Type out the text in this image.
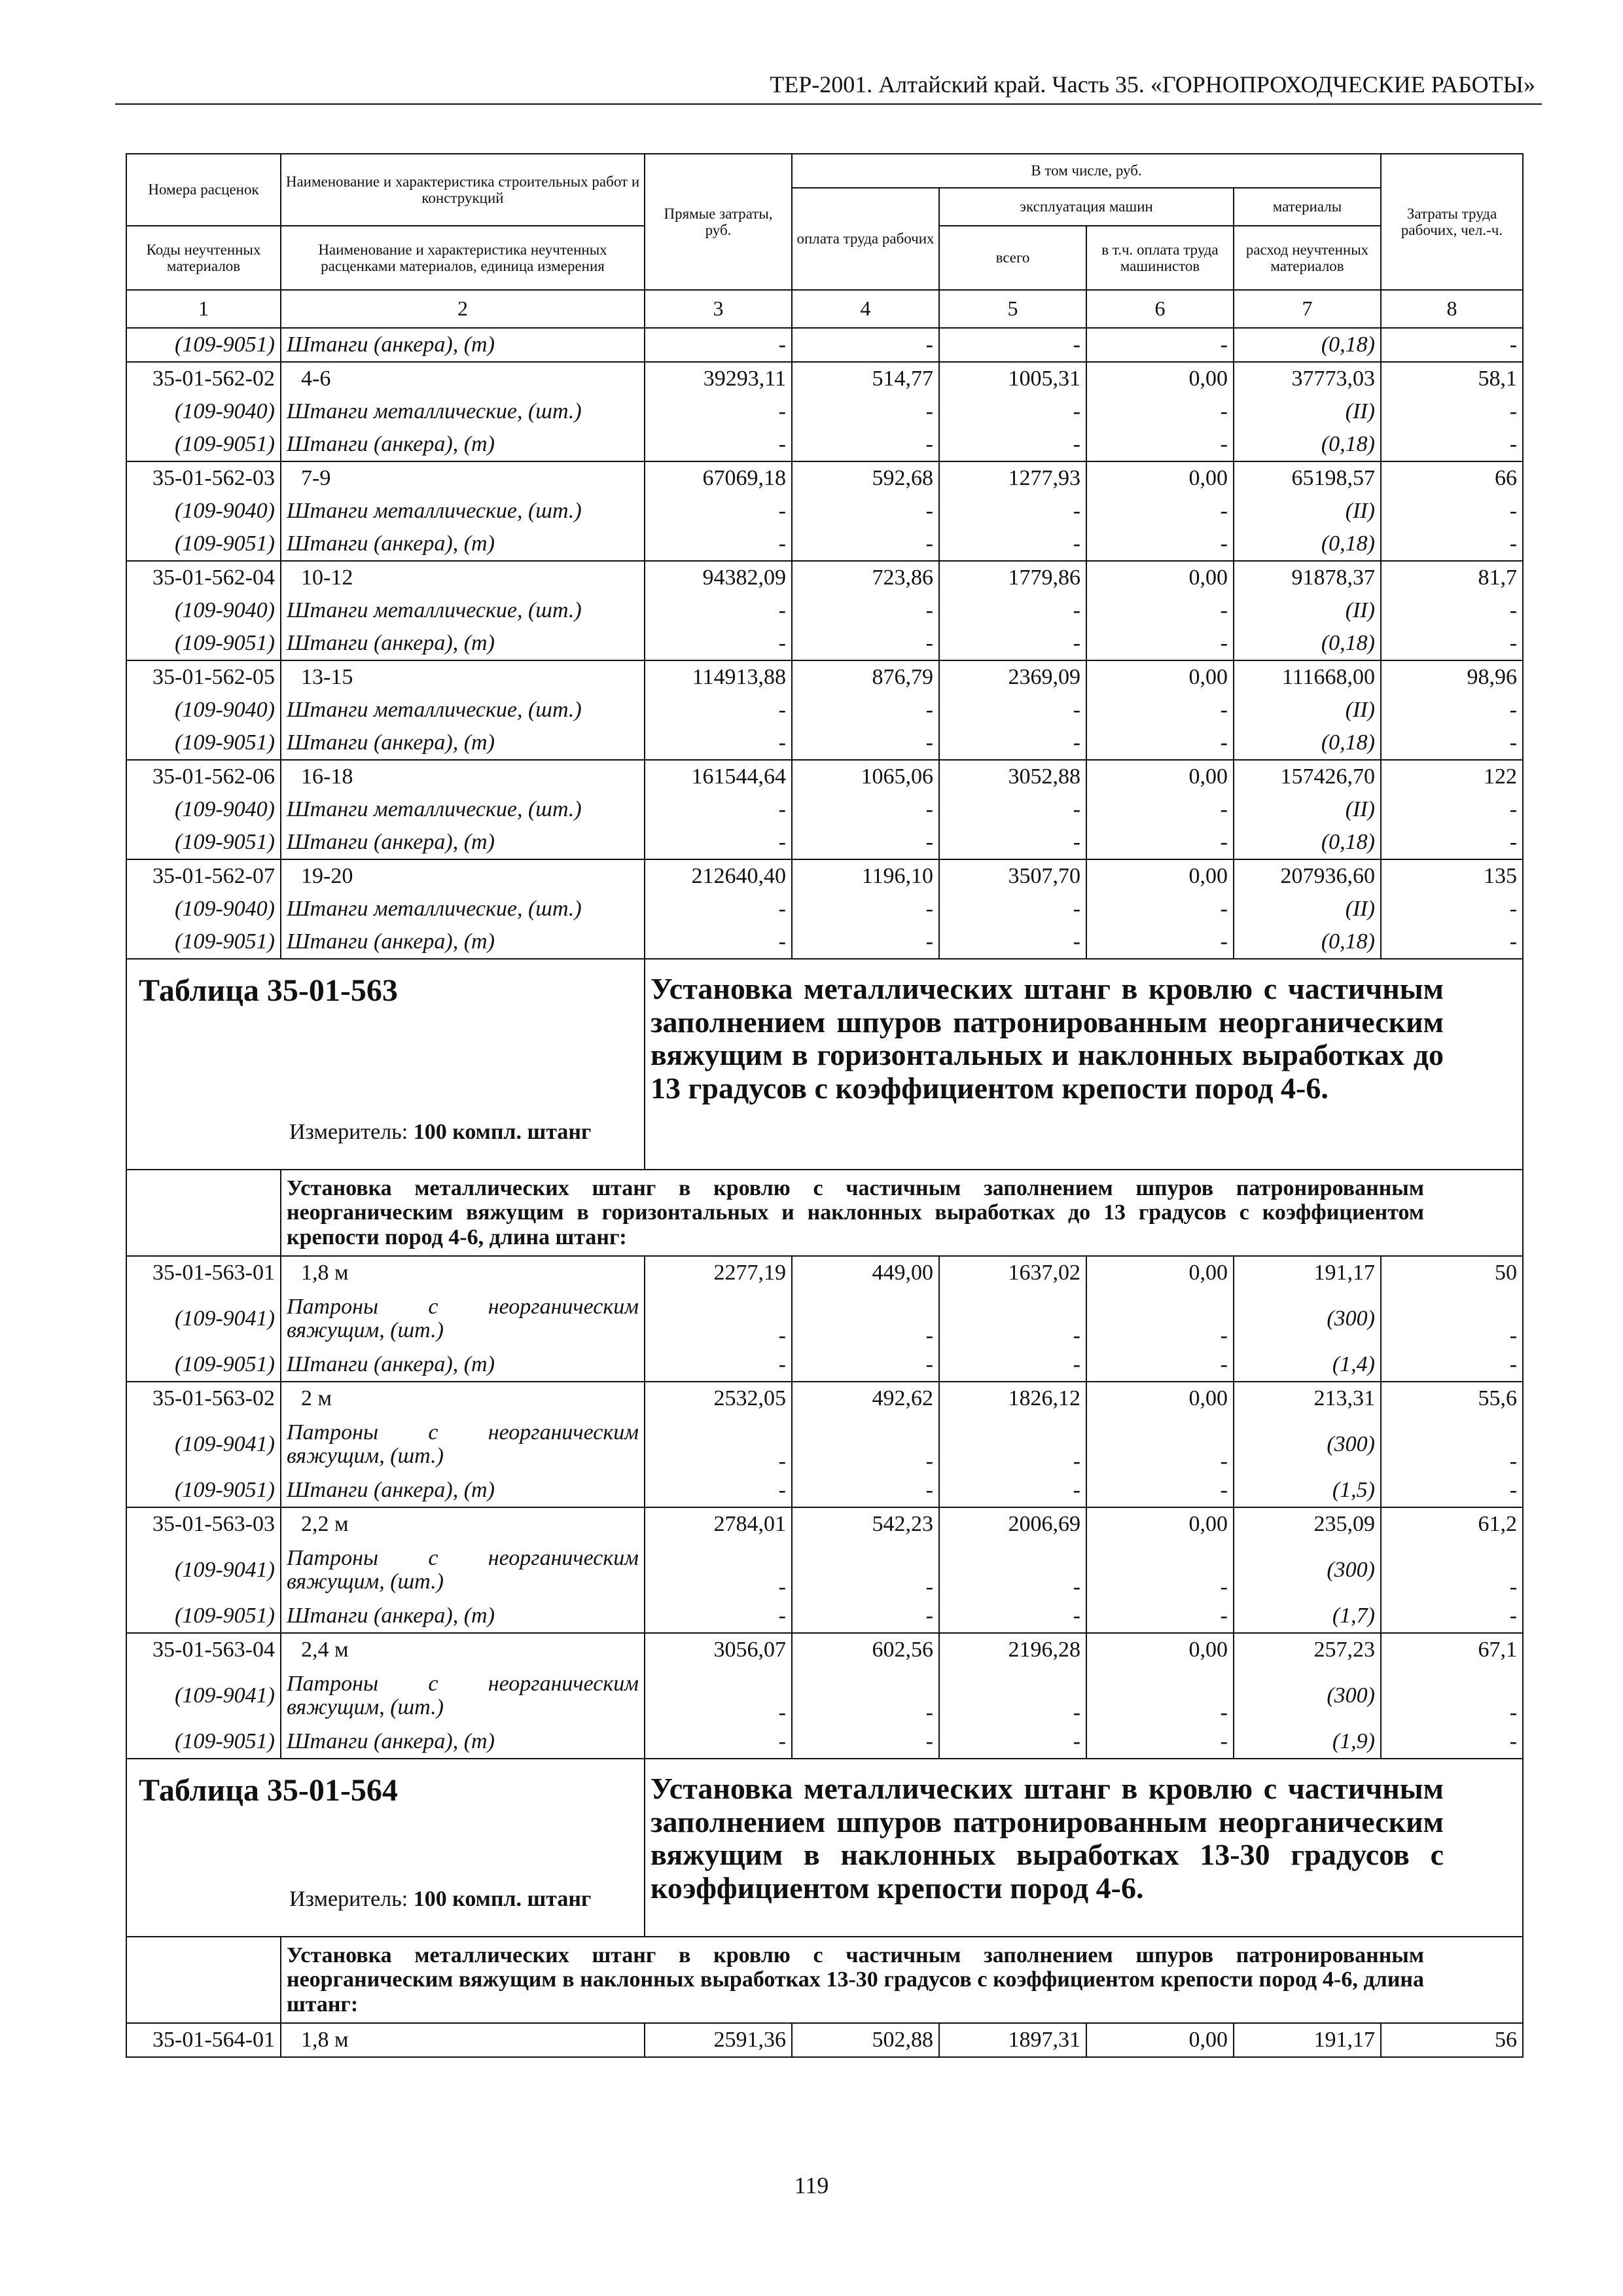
ТЕР-2001. Алтайский край. Часть 35. «ГОРНОПРОХОДЧЕСКИЕ РАБОТЫ»
Номера расценок	Наименование и характеристика строительных работ и конструкций	Прямые затраты, руб.	В том числе, руб.				Затраты труда рабочих, чел.-ч.
			оплата труда рабочих	эксплуатация машин		материалы	

Коды неучтенных материалов	Наименование и характеристика неучтенных расценками материалов, единица измерения			всего	в т.ч. оплата труда машинистов	расход неучтенных материалов	
1	2	3	4	5	6	7	8
(109-9051)	Штанги (анкера), (т)	-	-	-	-	(0,18)	-
35-01-562-02	4-6	39293,11	514,77	1005,31	0,00	37773,03	58,1
(109-9040)	Штанги металлические, (шт.)	-	-	-	-	(II)	-
(109-9051)	Штанги (анкера), (т)	-	-	-	-	(0,18)	-
35-01-562-03	7-9	67069,18	592,68	1277,93	0,00	65198,57	66
(109-9040)	Штанги металлические, (шт.)	-	-	-	-	(II)	-
(109-9051)	Штанги (анкера), (т)	-	-	-	-	(0,18)	-
35-01-562-04	10-12	94382,09	723,86	1779,86	0,00	91878,37	81,7
(109-9040)	Штанги металлические, (шт.)	-	-	-	-	(II)	-
(109-9051)	Штанги (анкера), (т)	-	-	-	-	(0,18)	-
35-01-562-05	13-15	114913,88	876,79	2369,09	0,00	111668,00	98,96
(109-9040)	Штанги металлические, (шт.)	-	-	-	-	(II)	-
(109-9051)	Штанги (анкера), (т)	-	-	-	-	(0,18)	-
35-01-562-06	16-18	161544,64	1065,06	3052,88	0,00	157426,70	122
(109-9040)	Штанги металлические, (шт.)	-	-	-	-	(II)	-
(109-9051)	Штанги (анкера), (т)	-	-	-	-	(0,18)	-
35-01-562-07	19-20	212640,40	1196,10	3507,70	0,00	207936,60	135
(109-9040)	Штанги металлические, (шт.)	-	-	-	-	(II)	-
(109-9051)	Штанги (анкера), (т)	-	-	-	-	(0,18)	-

Таблица 35-01-563
Измеритель: 100 компл. штанг		Установка металлических штанг в кровлю с частичным заполнением шпуров патронированным неорганическим вяжущим в горизонтальных и наклонных выработках до 13 градусов с коэффициентом крепости пород 4-6.					

	Установка металлических штанг в кровлю с частичным заполнением шпуров патронированным неорганическим вяжущим в горизонтальных и наклонных выработках до 13 градусов с коэффициентом крепости пород 4-6, длина штанг:						

35-01-563-01	1,8 м	2277,19	449,00	1637,02	0,00	191,17	50
(109-9041)	Патроны с неорганическим вяжущим, (шт.)	-	-	-	-	(300)	-
(109-9051)	Штанги (анкера), (т)	-	-	-	-	(1,4)	-
35-01-563-02	2 м	2532,05	492,62	1826,12	0,00	213,31	55,6
(109-9041)	Патроны с неорганическим вяжущим, (шт.)	-	-	-	-	(300)	-
(109-9051)	Штанги (анкера), (т)	-	-	-	-	(1,5)	-
35-01-563-03	2,2 м	2784,01	542,23	2006,69	0,00	235,09	61,2
(109-9041)	Патроны с неорганическим вяжущим, (шт.)	-	-	-	-	(300)	-
(109-9051)	Штанги (анкера), (т)	-	-	-	-	(1,7)	-
35-01-563-04	2,4 м	3056,07	602,56	2196,28	0,00	257,23	67,1
(109-9041)	Патроны с неорганическим вяжущим, (шт.)	-	-	-	-	(300)	-
(109-9051)	Штанги (анкера), (т)	-	-	-	-	(1,9)	-

Таблица 35-01-564
Измеритель: 100 компл. штанг		Установка металлических штанг в кровлю с частичным заполнением шпуров патронированным неорганическим вяжущим в наклонных выработках 13-30 градусов с коэффициентом крепости пород 4-6.					

	Установка металлических штанг в кровлю с частичным заполнением шпуров патронированным неорганическим вяжущим в наклонных выработках 13-30 градусов с коэффициентом крепости пород 4-6, длина штанг:						

35-01-564-01	1,8 м	2591,36	502,88	1897,31	0,00	191,17	56
119
